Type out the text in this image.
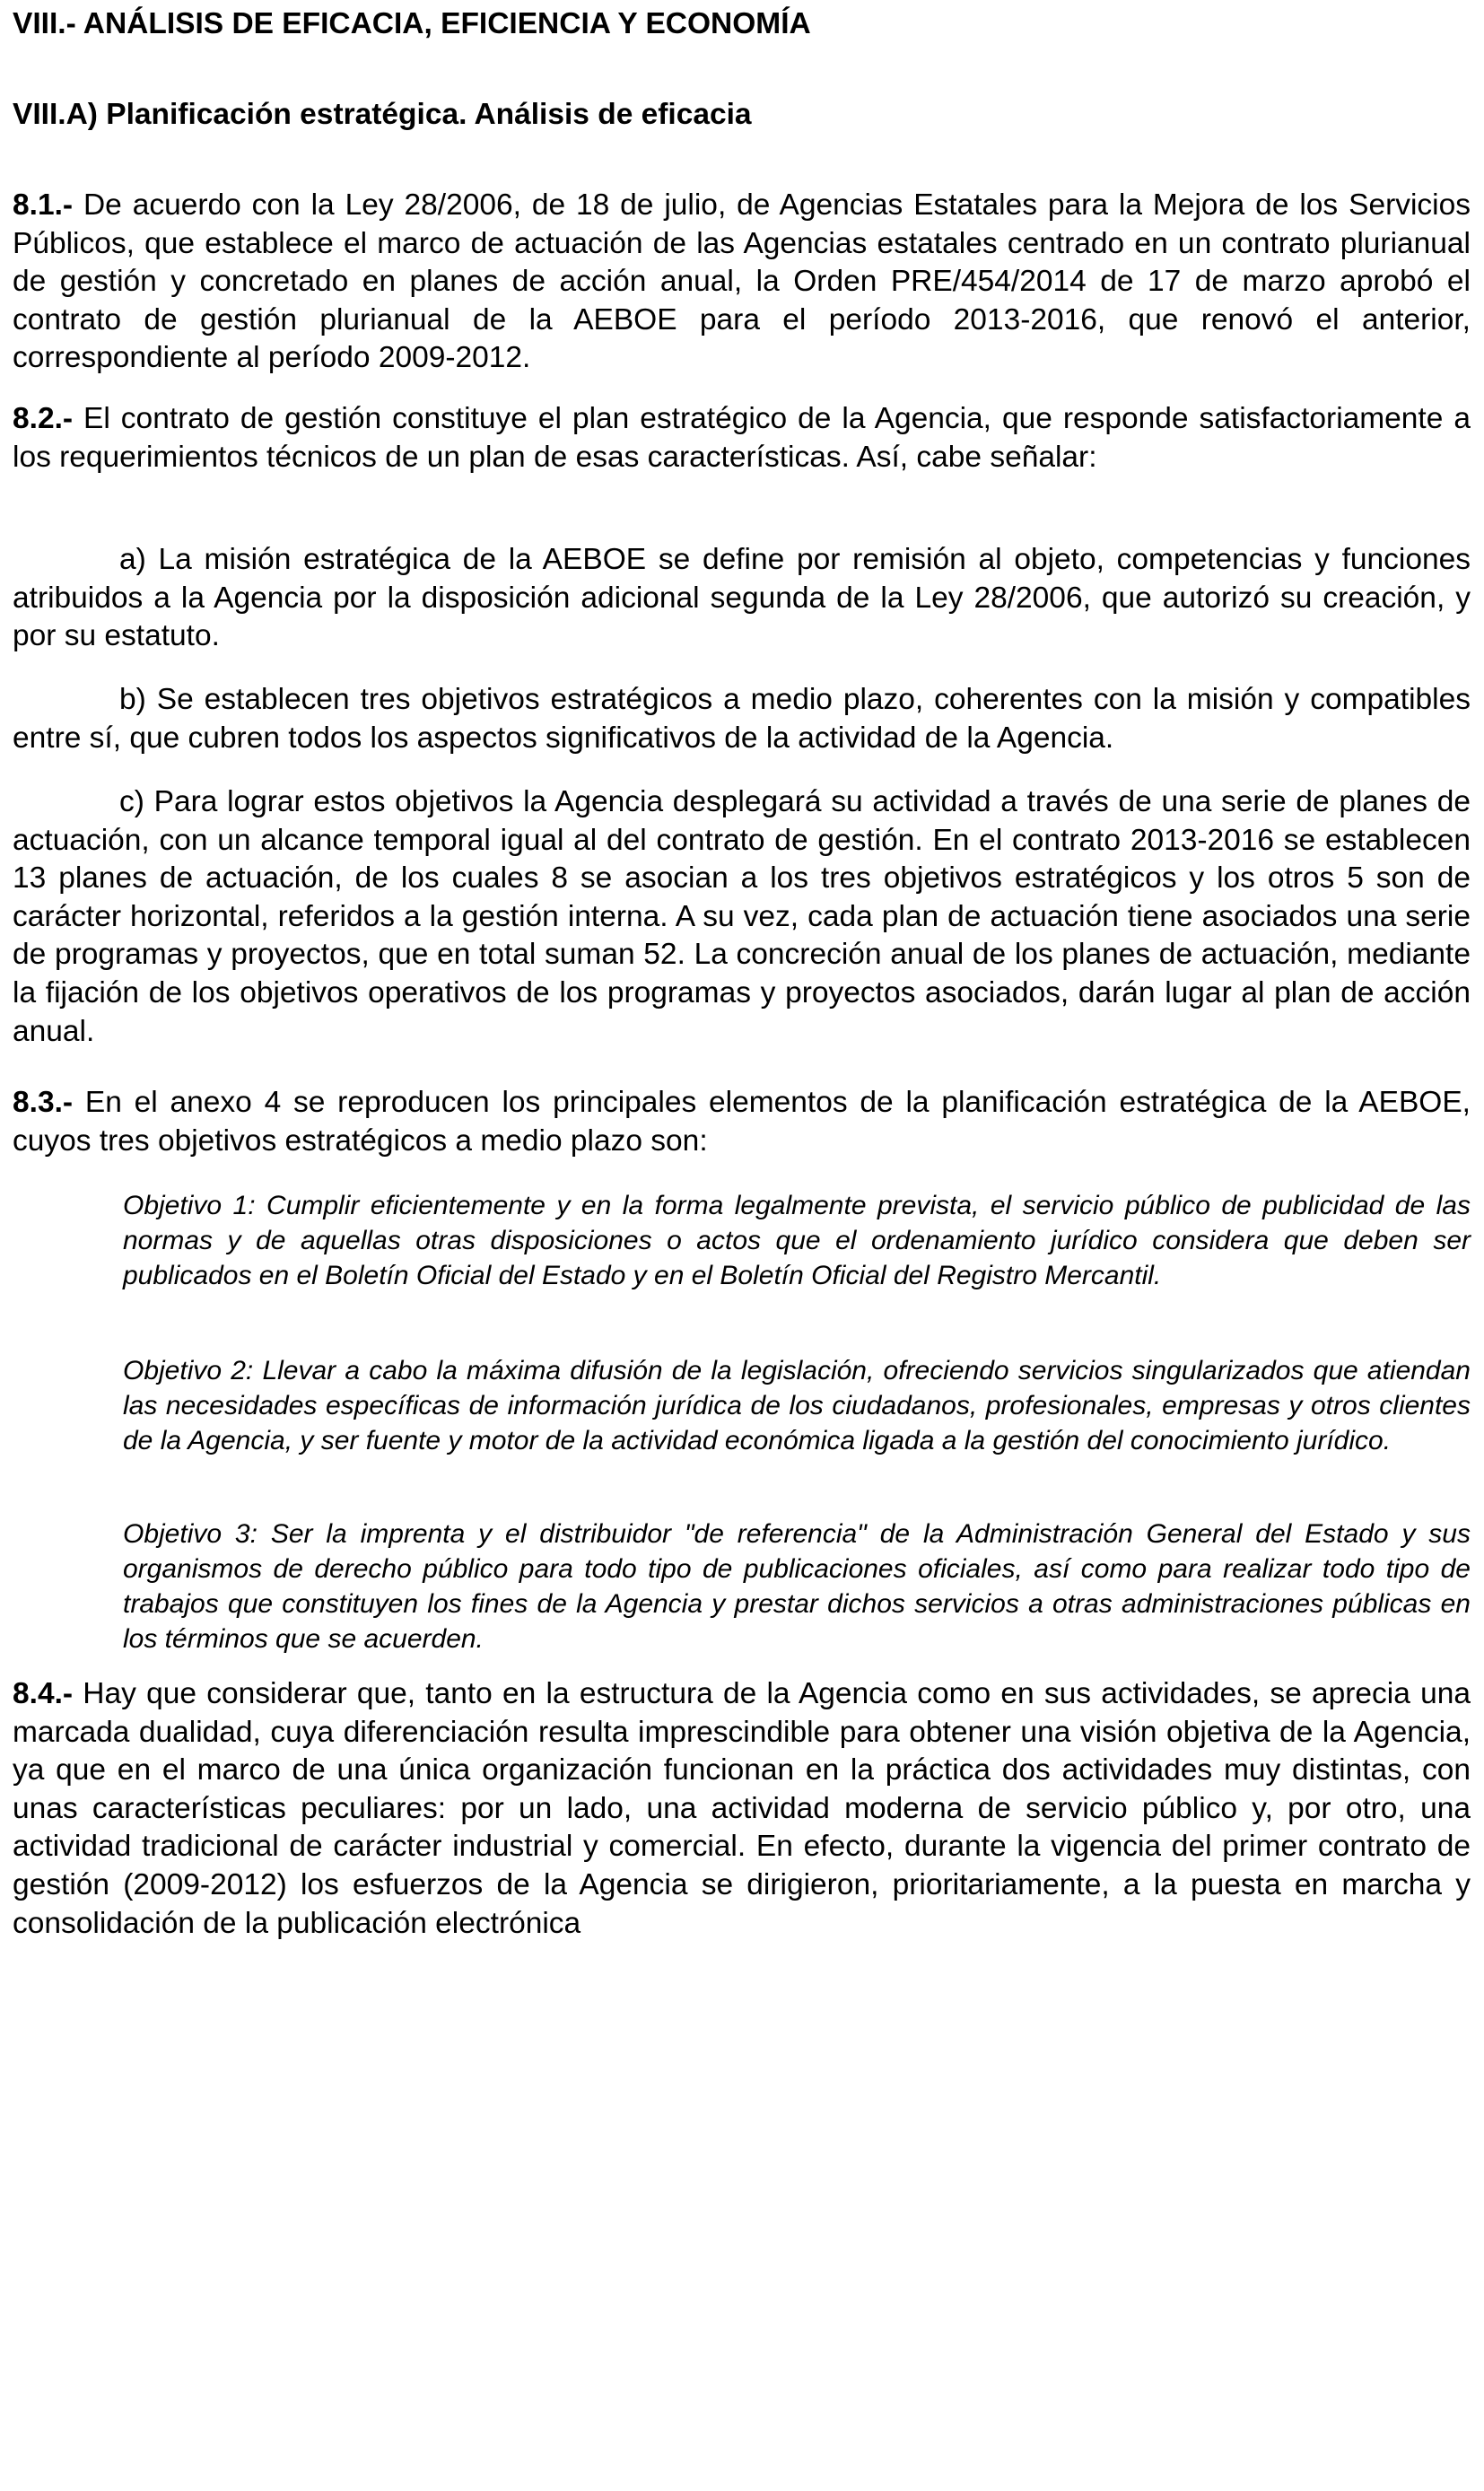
VIII.- ANÁLISIS DE EFICACIA, EFICIENCIA Y ECONOMÍA
VIII.A) Planificación estratégica. Análisis de eficacia

8.1.- De acuerdo con la Ley 28/2006, de 18 de julio, de Agencias Estatales para la Mejora de los Servicios Públicos, que establece el marco de actuación de las Agencias estatales centrado en un contrato plurianual de gestión y concretado en planes de acción anual, la Orden PRE/454/2014 de 17 de marzo aprobó el contrato de gestión plurianual de la AEBOE para el período 2013-2016, que renovó el anterior, correspondiente al período 2009-2012.

8.2.- El contrato de gestión constituye el plan estratégico de la Agencia, que responde satisfactoriamente a los requerimientos técnicos de un plan de esas características. Así, cabe señalar:

a) La misión estratégica de la AEBOE se define por remisión al objeto, competencias y funciones atribuidos a la Agencia por la disposición adicional segunda de la Ley 28/2006, que autorizó su creación, y por su estatuto.

b) Se establecen tres objetivos estratégicos a medio plazo, coherentes con la misión y compatibles entre sí, que cubren todos los aspectos significativos de la actividad de la Agencia.

c) Para lograr estos objetivos la Agencia desplegará su actividad a través de una serie de planes de actuación, con un alcance temporal igual al del contrato de gestión. En el contrato 2013-2016 se establecen 13 planes de actuación, de los cuales 8 se asocian a los tres objetivos estratégicos y los otros 5 son de carácter horizontal, referidos a la gestión interna. A su vez, cada plan de actuación tiene asociados una serie de programas y proyectos, que en total suman 52. La concreción anual de los planes de actuación, mediante la fijación de los objetivos operativos de los programas y proyectos asociados, darán lugar al plan de acción anual.

8.3.- En el anexo 4 se reproducen los principales elementos de la planificación estratégica de la AEBOE, cuyos tres objetivos estratégicos a medio plazo son:

Objetivo 1: Cumplir eficientemente y en la forma legalmente prevista, el servicio público de publicidad de las normas y de aquellas otras disposiciones o actos que el ordenamiento jurídico considera que deben ser publicados en el Boletín Oficial del Estado y en el Boletín Oficial del Registro Mercantil.

Objetivo 2: Llevar a cabo la máxima difusión de la legislación, ofreciendo servicios singularizados que atiendan las necesidades específicas de información jurídica de los ciudadanos, profesionales, empresas y otros clientes de la Agencia, y ser fuente y motor de la actividad económica ligada a la gestión del conocimiento jurídico.

Objetivo 3: Ser la imprenta y el distribuidor "de referencia" de la Administración General del Estado y sus organismos de derecho público para todo tipo de publicaciones oficiales, así como para realizar todo tipo de trabajos que constituyen los fines de la Agencia y prestar dichos servicios a otras administraciones públicas en los términos que se acuerden.

8.4.- Hay que considerar que, tanto en la estructura de la Agencia como en sus actividades, se aprecia una marcada dualidad, cuya diferenciación resulta imprescindible para obtener una visión objetiva de la Agencia, ya que en el marco de una única organización funcionan en la práctica dos actividades muy distintas, con unas características peculiares: por un lado, una actividad moderna de servicio público y, por otro, una actividad tradicional de carácter industrial y comercial. En efecto, durante la vigencia del primer contrato de gestión (2009-2012) los esfuerzos de la Agencia se dirigieron, prioritariamente, a la puesta en marcha y consolidación de la publicación electrónica
